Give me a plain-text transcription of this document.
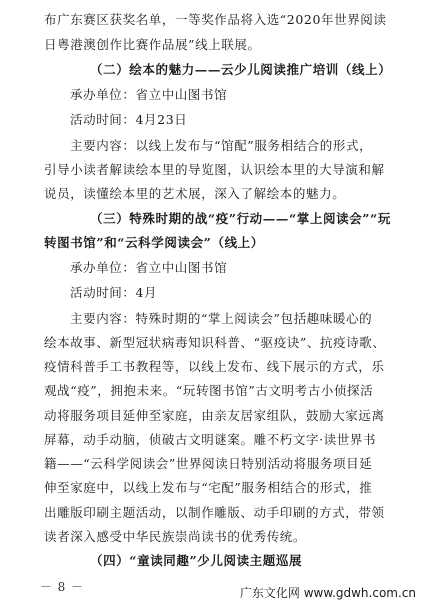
布广东赛区获奖名单，一等奖作品将入选“2020年世界阅读
日粤港澳创作比赛作品展”线上联展。
（二）绘本的魅力——云少儿阅读推广培训（线上）
承办单位：省立中山图书馆
活动时间：4月23日
主要内容：以线上发布与“馆配”服务相结合的形式，
引导小读者解读绘本里的导览图，认识绘本里的大导演和解
说员，读懂绘本里的艺术展，深入了解绘本的魅力。
（三）特殊时期的战“疫”行动——“掌上阅读会”“玩
转图书馆”和“云科学阅读会”（线上）
承办单位：省立中山图书馆
活动时间：4月
主要内容：特殊时期的“掌上阅读会”包括趣味暖心的
绘本故事、新型冠状病毒知识科普、“驱疫诀”、抗疫诗歌、
疫情科普手工书教程等，以线上发布、线下展示的方式，乐
观战“疫”，拥抱未来。“玩转图书馆”古文明考古小侦探活
动将服务项目延伸至家庭，由亲友居家组队，鼓励大家远离
屏幕，动手动脑，侦破古文明谜案。雕不朽文字·读世界书
籍——“云科学阅读会”世界阅读日特别活动将服务项目延
伸至家庭中，以线上发布与“宅配”服务相结合的形式，推
出雕版印刷主题活动，以制作雕版、动手印刷的方式，带领
读者深入感受中华民族崇尚读书的优秀传统。
（四）“童读同趣”少儿阅读主题巡展
－ 8 －	广东文化网 www.gdwh.com.cn
